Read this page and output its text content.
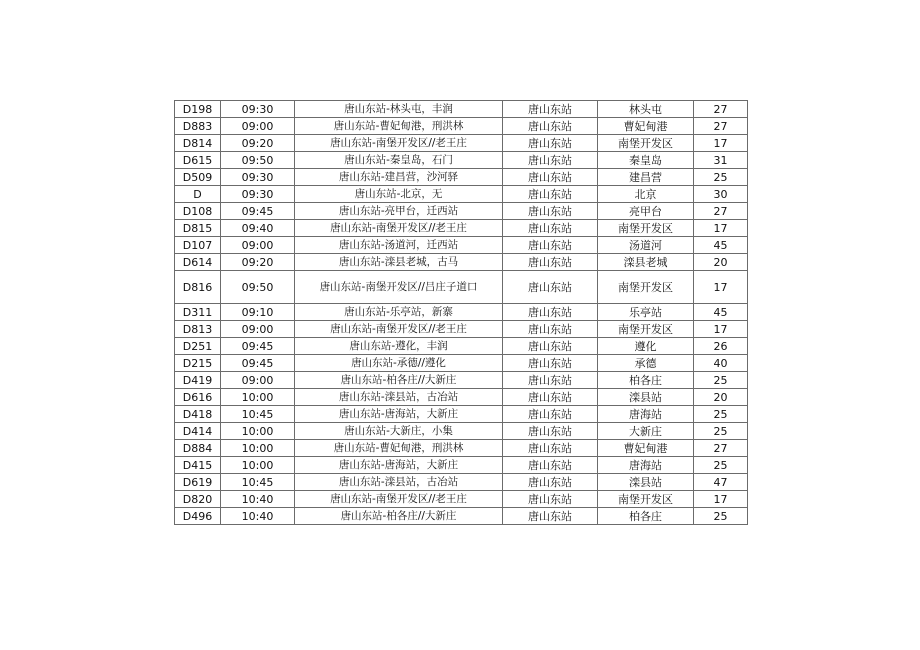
D198	09:30	唐山东站-林头屯，丰润	唐山东站	林头屯	27
D883	09:00	唐山东站-曹妃甸港，刑洪林	唐山东站	曹妃甸港	27
D814	09:20	唐山东站-南堡开发区//老王庄	唐山东站	南堡开发区	17
D615	09:50	唐山东站-秦皇岛，石门	唐山东站	秦皇岛	31
D509	09:30	唐山东站-建昌营，沙河驿	唐山东站	建昌营	25
D	09:30	唐山东站-北京，无	唐山东站	北京	30
D108	09:45	唐山东站-亮甲台，迁西站	唐山东站	亮甲台	27
D815	09:40	唐山东站-南堡开发区//老王庄	唐山东站	南堡开发区	17
D107	09:00	唐山东站-汤道河，迁西站	唐山东站	汤道河	45
D614	09:20	唐山东站-滦县老城，古马	唐山东站	滦县老城	20
D816	09:50	唐山东站-南堡开发区//吕庄子道口	唐山东站	南堡开发区	17
D311	09:10	唐山东站-乐亭站，新寨	唐山东站	乐亭站	45
D813	09:00	唐山东站-南堡开发区//老王庄	唐山东站	南堡开发区	17
D251	09:45	唐山东站-遵化，丰润	唐山东站	遵化	26
D215	09:45	唐山东站-承德//遵化	唐山东站	承德	40
D419	09:00	唐山东站-柏各庄//大新庄	唐山东站	柏各庄	25
D616	10:00	唐山东站-滦县站，古冶站	唐山东站	滦县站	20
D418	10:45	唐山东站-唐海站，大新庄	唐山东站	唐海站	25
D414	10:00	唐山东站-大新庄，小集	唐山东站	大新庄	25
D884	10:00	唐山东站-曹妃甸港，刑洪林	唐山东站	曹妃甸港	27
D415	10:00	唐山东站-唐海站，大新庄	唐山东站	唐海站	25
D619	10:45	唐山东站-滦县站，古冶站	唐山东站	滦县站	47
D820	10:40	唐山东站-南堡开发区//老王庄	唐山东站	南堡开发区	17
D496	10:40	唐山东站-柏各庄//大新庄	唐山东站	柏各庄	25
